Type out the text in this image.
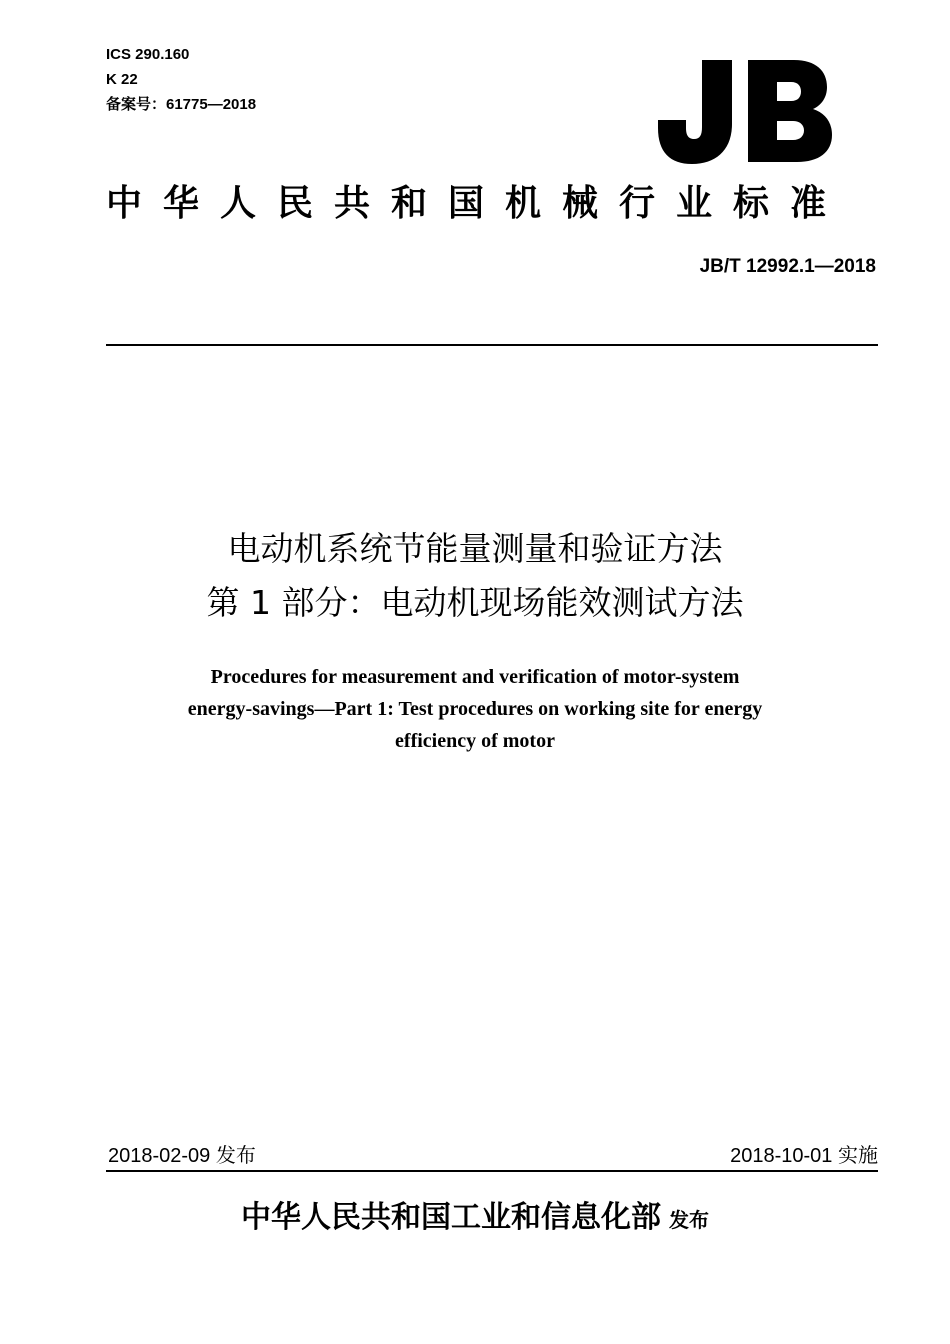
ICS 290.160
K 22
备案号：61775—2018
中华人民共和国机械行业标准
JB/T 12992.1—2018
电动机系统节能量测量和验证方法
第 1 部分：电动机现场能效测试方法
Procedures for measurement and verification of motor-system
energy-savings—Part 1: Test procedures on working site for energy
efficiency of motor
2018-02-09 发布	2018-10-01 实施
中华人民共和国工业和信息化部 发布
